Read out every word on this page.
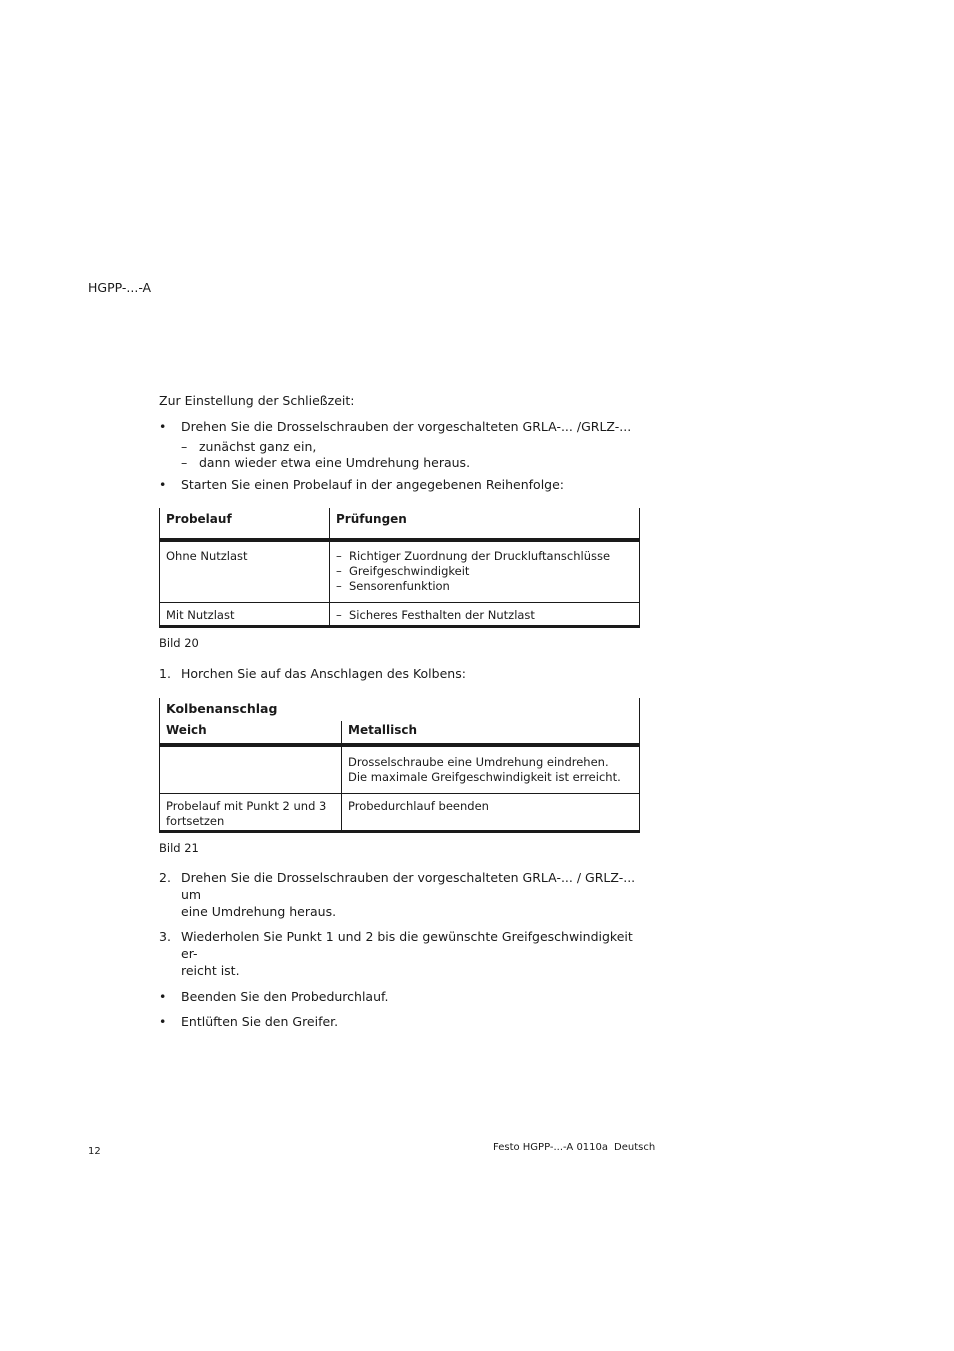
HGPP-...-A

Zur Einstellung der Schließzeit:

• Drehen Sie die Drosselschrauben der vorgeschalteten GRLA-... /GRLZ-...
– zunächst ganz ein,
– dann wieder etwa eine Umdrehung heraus.
• Starten Sie einen Probelauf in der angegebenen Reihenfolge:
Probelauf	Prüfungen
Ohne Nutzlast	– Richtiger Zuordnung der Druckluftanschlüsse
– Greifgeschwindigkeit
– Sensorenfunktion

Mit Nutzlast	– Sicheres Festhalten der Nutzlast

Bild 20

1. Horchen Sie auf das Anschlagen des Kolbens:
Kolbenanschlag	
Weich	Metallisch

	Drosselschraube eine Umdrehung eindrehen.
Die maximale Greifgeschwindigkeit ist erreicht.

Probelauf mit Punkt 2 und 3
fortsetzen	Probedurchlauf beenden

Bild 21

2. Drehen Sie die Drosselschrauben der vorgeschalteten GRLA-... / GRLZ-... um
eine Umdrehung heraus.
3. Wiederholen Sie Punkt 1 und 2 bis die gewünschte Greifgeschwindigkeit er-
reicht ist.
• Beenden Sie den Probedurchlauf.
• Entlüften Sie den Greifer.
12	Festo HGPP-...-A 0110a Deutsch
